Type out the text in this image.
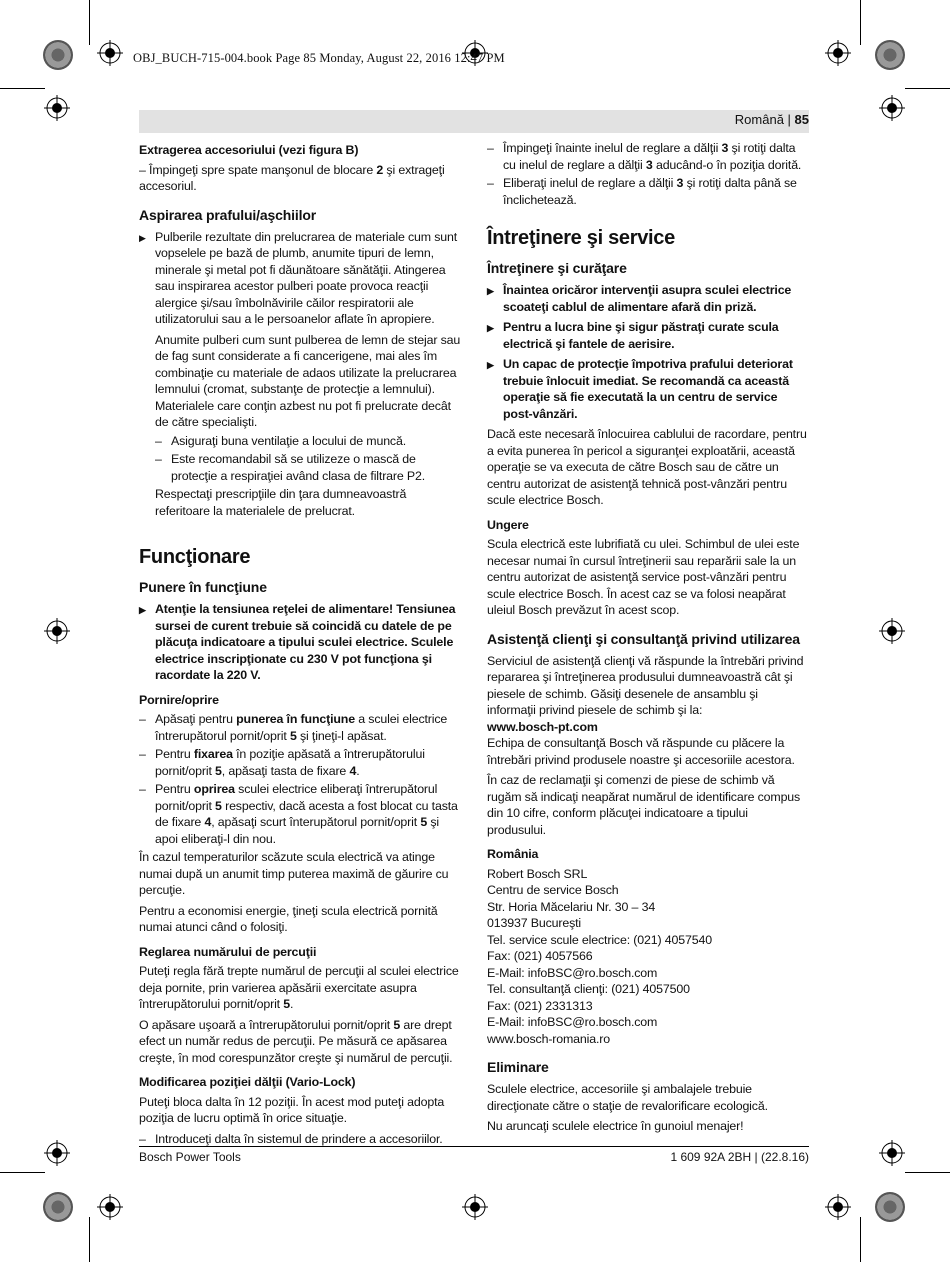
OBJ_BUCH-715-004.book Page 85 Monday, August 22, 2016 12:47 PM
Română | 85
Extragerea accesoriului (vezi figura B)
– Împingeţi spre spate manşonul de blocare 2 şi extrageţi accesoriul.
Aspirarea prafului/aşchiilor
▶ Pulberile rezultate din prelucrarea de materiale cum sunt vopselele pe bază de plumb, anumite tipuri de lemn, minerale şi metal pot fi dăunătoare sănătăţii. Atingerea sau inspirarea acestor pulberi poate provoca reacţii alergice şi/sau îmbolnăvirile căilor respiratorii ale utilizatorului sau a le persoanelor aflate în apropiere.
Anumite pulberi cum sunt pulberea de lemn de stejar sau de fag sunt considerate a fi cancerigene, mai ales îm combinaţie cu materiale de adaos utilizate la prelucrarea lemnului (cromat, substanţe de protecţie a lemnului). Materialele care conţin azbest nu pot fi prelucrate decât de către specialişti.
– Asiguraţi buna ventilaţie a locului de muncă.
– Este recomandabil să se utilizeze o mască de protecţie a respiraţiei având clasa de filtrare P2.
Respectaţi prescripţiile din ţara dumneavoastră referitoare la materialele de prelucrat.
Funcţionare
Punere în funcţiune
▶ Atenţie la tensiunea reţelei de alimentare! Tensiunea sursei de curent trebuie să coincidă cu datele de pe plăcuţa indicatoare a tipului sculei electrice. Sculele electrice inscripţionate cu 230 V pot funcţiona şi racordate la 220 V.
Pornire/oprire
– Apăsaţi pentru punerea în funcţiune a sculei electrice întrerupătorul pornit/oprit 5 şi ţineţi-l apăsat.
– Pentru fixarea în poziţie apăsată a întrerupătorului pornit/oprit 5, apăsaţi tasta de fixare 4.
– Pentru oprirea sculei electrice eliberaţi întrerupătorul pornit/oprit 5 respectiv, dacă acesta a fost blocat cu tasta de fixare 4, apăsaţi scurt înterupătorul pornit/oprit 5 şi apoi eliberaţi-l din nou.

În cazul temperaturilor scăzute scula electrică va atinge numai după un anumit timp puterea maximă de găurire cu percuţie.

Pentru a economisi energie, ţineţi scula electrică pornită numai atunci când o folosiţi.

Reglarea numărului de percuţii

Puteţi regla fără trepte numărul de percuţii al sculei electrice deja pornite, prin varierea apăsării exercitate asupra întrerupătorului pornit/oprit 5.

O apăsare uşoară a întrerupătorului pornit/oprit 5 are drept efect un număr redus de percuţii. Pe măsură ce apăsarea creşte, în mod corespunzător creşte şi numărul de percuţii.

Modificarea poziţiei dălţii (Vario-Lock)

Puteţi bloca dalta în 12 poziţii. În acest mod puteţi adopta poziţia de lucru optimă în orice situaţie.

– Introduceţi dalta în sistemul de prindere a accesoriilor.
– Împingeţi înainte inelul de reglare a dălţii 3 şi rotiţi dalta cu inelul de reglare a dălţii 3 aducând-o în poziţia dorită.
– Eliberaţi inelul de reglare a dălţii 3 şi rotiţi dalta până se înclichetează.
Întreţinere şi service
Întreţinere şi curăţare
▶ Înaintea oricăror intervenţii asupra sculei electrice scoateţi cablul de alimentare afară din priză.
▶ Pentru a lucra bine şi sigur păstraţi curate scula electrică şi fantele de aerisire.
▶ Un capac de protecţie împotriva prafului deteriorat trebuie înlocuit imediat. Se recomandă ca această operaţie să fie executată la un centru de service post-vânzări.

Dacă este necesară înlocuirea cablului de racordare, pentru a evita punerea în pericol a siguranţei exploatării, această operaţie se va executa de către Bosch sau de către un centru autorizat de asistenţă tehnică post-vânzări pentru scule electrice Bosch.

Ungere

Scula electrică este lubrifiată cu ulei. Schimbul de ulei este necesar numai în cursul întreţinerii sau reparării sale la un centru autorizat de asistenţă service post-vânzări pentru scule electrice Bosch. În acest caz se va folosi neapărat uleiul Bosch prevăzut în acest scop.

Asistenţă clienţi şi consultanţă privind utilizarea

Serviciul de asistenţă clienţi vă răspunde la întrebări privind repararea şi întreţinerea produsului dumneavoastră cât şi piesele de schimb. Găsiţi desenele de ansamblu şi informaţii privind piesele de schimb şi la:

www.bosch-pt.com

Echipa de consultanţă Bosch vă răspunde cu plăcere la întrebări privind produsele noastre şi accesoriile acestora.

În caz de reclamaţii şi comenzi de piese de schimb vă rugăm să indicaţi neapărat numărul de identificare compus din 10 cifre, conform plăcuţei indicatoare a tipului produsului.

România

Robert Bosch SRL

Centru de service Bosch

Str. Horia Măcelariu Nr. 30 – 34

013937 Bucureşti

Tel. service scule electrice: (021) 4057540

Fax: (021) 4057566

E-Mail: infoBSC@ro.bosch.com

Tel. consultanţă clienţi: (021) 4057500

Fax: (021) 2331313

E-Mail: infoBSC@ro.bosch.com

www.bosch-romania.ro

Eliminare

Sculele electrice, accesoriile şi ambalajele trebuie direcţionate către o staţie de revalorificare ecologică.

Nu aruncaţi sculele electrice în gunoiul menajer!

Bosch Power Tools	1 609 92A 2BH | (22.8.16)
